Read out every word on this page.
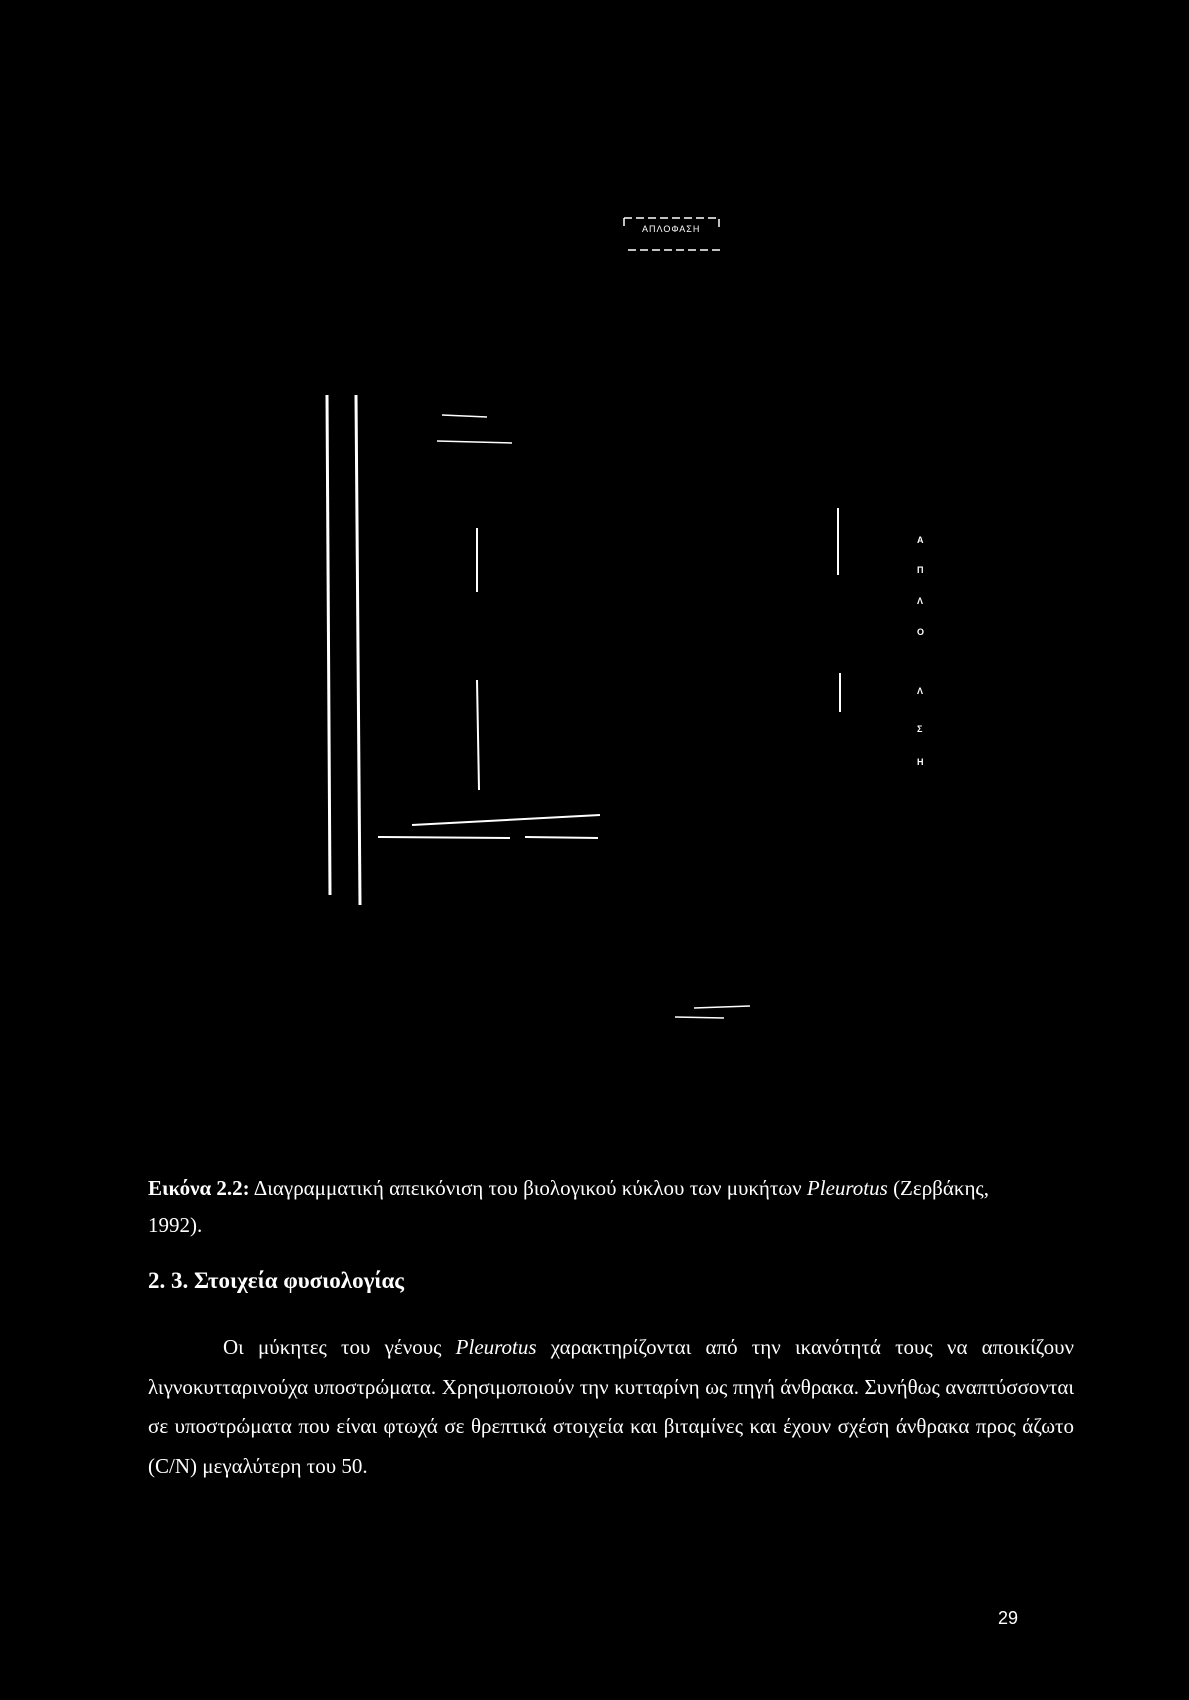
ΑΠΛΟΦΑΣΗ
Α
Π
Λ
Ο
Λ
Σ
Η
Εικόνα 2.2: Διαγραμματική απεικόνιση του βιολογικού κύκλου των μυκήτων Pleurotus (Ζερβάκης, 1992).
2. 3. Στοιχεία φυσιολογίας
Οι μύκητες του γένους Pleurotus χαρακτηρίζονται από την ικανότητά τους να αποικίζουν λιγνοκυτταρινούχα υποστρώματα. Χρησιμοποιούν την κυτταρίνη ως πηγή άνθρακα. Συνήθως αναπτύσσονται σε υποστρώματα που είναι φτωχά σε θρεπτικά στοιχεία και βιταμίνες και έχουν σχέση άνθρακα προς άζωτο (C/N) μεγαλύτερη του 50.
29
